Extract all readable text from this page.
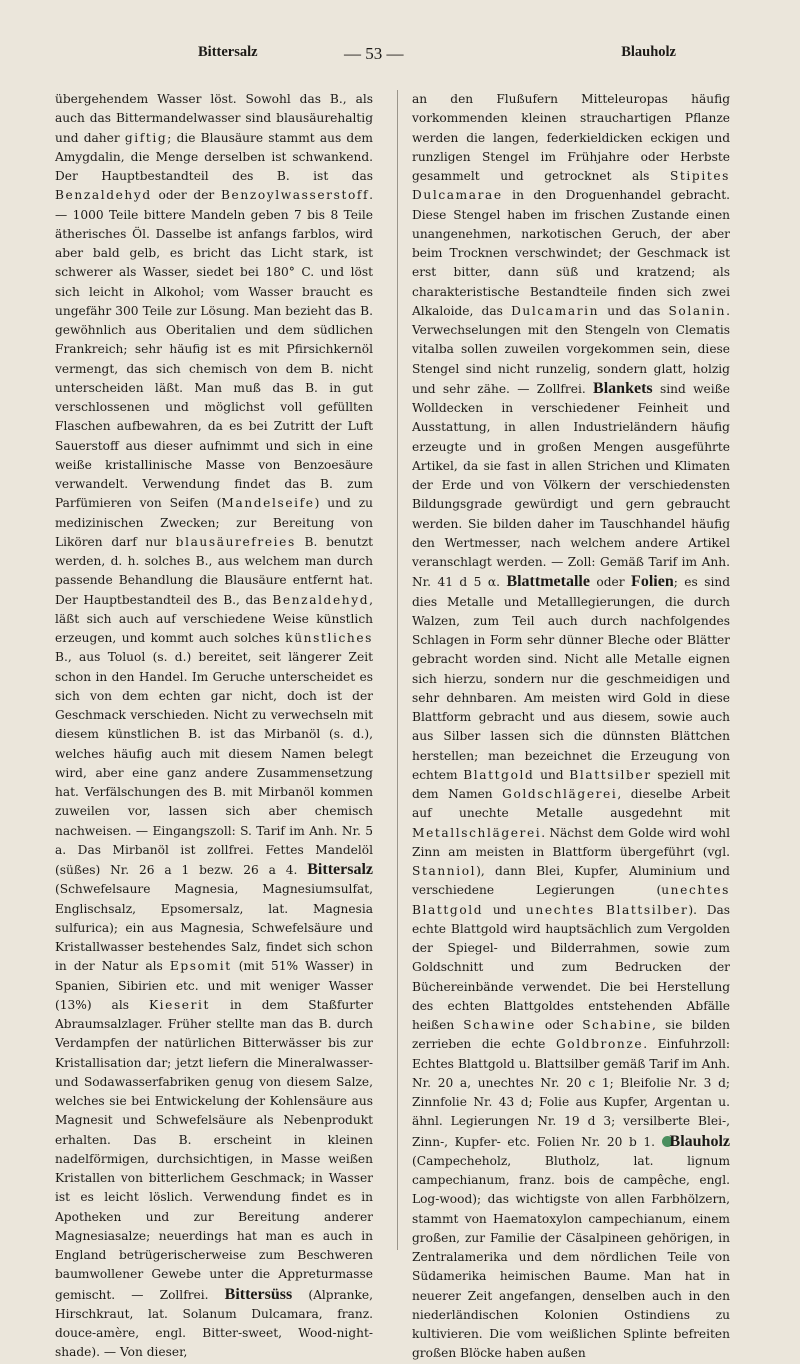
Bittersalz	— 53 —	Blauholz

übergehendem Wasser löst. Sowohl das B., als auch das Bittermandelwasser sind blausäurehaltig und daher giftig; die Blausäure stammt aus dem Amygdalin, die Menge derselben ist schwankend. Der Hauptbestandteil des B. ist das Benzaldehyd oder der Benzoylwasserstoff. — 1000 Teile bittere Mandeln geben 7 bis 8 Teile ätherisches Öl. Dasselbe ist anfangs farblos, wird aber bald gelb, es bricht das Licht stark, ist schwerer als Wasser, siedet bei 180° C. und löst sich leicht in Alkohol; vom Wasser braucht es ungefähr 300 Teile zur Lösung. Man bezieht das B. gewöhnlich aus Oberitalien und dem südlichen Frankreich; sehr häufig ist es mit Pfirsichkernöl vermengt, das sich chemisch von dem B. nicht unterscheiden läßt. Man muß das B. in gut verschlossenen und möglichst voll gefüllten Flaschen aufbewahren, da es bei Zutritt der Luft Sauerstoff aus dieser aufnimmt und sich in eine weiße kristallinische Masse von Benzoesäure verwandelt. Verwendung findet das B. zum Parfümieren von Seifen (Mandelseife) und zu medizinischen Zwecken; zur Bereitung von Likören darf nur blausäurefreies B. benutzt werden, d. h. solches B., aus welchem man durch passende Behandlung die Blausäure entfernt hat. Der Hauptbestandteil des B., das Benzaldehyd, läßt sich auch auf verschiedene Weise künstlich erzeugen, und kommt auch solches künstliches B., aus Toluol (s. d.) bereitet, seit längerer Zeit schon in den Handel. Im Geruche unterscheidet es sich von dem echten gar nicht, doch ist der Geschmack verschieden. Nicht zu verwechseln mit diesem künstlichen B. ist das Mirbanöl (s. d.), welches häufig auch mit diesem Namen belegt wird, aber eine ganz andere Zusammensetzung hat. Verfälschungen des B. mit Mirbanöl kommen zuweilen vor, lassen sich aber chemisch nachweisen. — Eingangszoll: S. Tarif im Anh. Nr. 5 a. Das Mirbanöl ist zollfrei. Fettes Mandelöl (süßes) Nr. 26 a 1 bezw. 26 a 4. Bittersalz (Schwefelsaure Magnesia, Magnesiumsulfat, Englischsalz, Epsomersalz, lat. Magnesia sulfurica); ein aus Magnesia, Schwefelsäure und Kristallwasser bestehendes Salz, findet sich schon in der Natur als Epsomit (mit 51% Wasser) in Spanien, Sibirien etc. und mit weniger Wasser (13%) als Kieserit in dem Staßfurter Abraumsalzlager. Früher stellte man das B. durch Verdampfen der natürlichen Bitterwässer bis zur Kristallisation dar; jetzt liefern die Mineralwasser- und Sodawasserfabriken genug von diesem Salze, welches sie bei Entwickelung der Kohlensäure aus Magnesit und Schwefelsäure als Nebenprodukt erhalten. Das B. erscheint in kleinen nadelförmigen, durchsichtigen, in Masse weißen Kristallen von bitterlichem Geschmack; in Wasser ist es leicht löslich. Verwendung findet es in Apotheken und zur Bereitung anderer Magnesiasalze; neuerdings hat man es auch in England betrügerischerweise zum Beschweren baumwollener Gewebe unter die Appreturmasse gemischt. — Zollfrei. Bittersüss (Alpranke, Hirschkraut, lat. Solanum Dulcamara, franz. douce-amère, engl. Bitter-sweet, Wood-night-shade). — Von dieser,

an den Flußufern Mitteleuropas häufig vorkommenden kleinen strauchartigen Pflanze werden die langen, federkieldicken eckigen und runzligen Stengel im Frühjahre oder Herbste gesammelt und getrocknet als Stipites Dulcamarae in den Droguenhandel gebracht. Diese Stengel haben im frischen Zustande einen unangenehmen, narkotischen Geruch, der aber beim Trocknen verschwindet; der Geschmack ist erst bitter, dann süß und kratzend; als charakteristische Bestandteile finden sich zwei Alkaloide, das Dulcamarin und das Solanin. Verwechselungen mit den Stengeln von Clematis vitalba sollen zuweilen vorgekommen sein, diese Stengel sind nicht runzelig, sondern glatt, holzig und sehr zähe. — Zollfrei. Blankets sind weiße Wolldecken in verschiedener Feinheit und Ausstattung, in allen Industrieländern häufig erzeugte und in großen Mengen ausgeführte Artikel, da sie fast in allen Strichen und Klimaten der Erde und von Völkern der verschiedensten Bildungsgrade gewürdigt und gern gebraucht werden. Sie bilden daher im Tauschhandel häufig den Wertmesser, nach welchem andere Artikel veranschlagt werden. — Zoll: Gemäß Tarif im Anh. Nr. 41 d 5 α. Blattmetalle oder Folien; es sind dies Metalle und Metalllegierungen, die durch Walzen, zum Teil auch durch nachfolgendes Schlagen in Form sehr dünner Bleche oder Blätter gebracht worden sind. Nicht alle Metalle eignen sich hierzu, sondern nur die geschmeidigen und sehr dehnbaren. Am meisten wird Gold in diese Blattform gebracht und aus diesem, sowie auch aus Silber lassen sich die dünnsten Blättchen herstellen; man bezeichnet die Erzeugung von echtem Blattgold und Blattsilber speziell mit dem Namen Goldschlägerei, dieselbe Arbeit auf unechte Metalle ausgedehnt mit Metallschlägerei. Nächst dem Golde wird wohl Zinn am meisten in Blattform übergeführt (vgl. Stanniol), dann Blei, Kupfer, Aluminium und verschiedene Legierungen (unechtes Blattgold und unechtes Blattsilber). Das echte Blattgold wird hauptsächlich zum Vergolden der Spiegel- und Bilderrahmen, sowie zum Goldschnitt und zum Bedrucken der Büchereinbände verwendet. Die bei Herstellung des echten Blattgoldes entstehenden Abfälle heißen Schawine oder Schabine, sie bilden zerrieben die echte Goldbronze. Einfuhrzoll: Echtes Blattgold u. Blattsilber gemäß Tarif im Anh. Nr. 20 a, unechtes Nr. 20 c 1; Bleifolie Nr. 3 d; Zinnfolie Nr. 43 d; Folie aus Kupfer, Argentan u. ähnl. Legierungen Nr. 19 d 3; versilberte Blei-, Zinn-, Kupfer- etc. Folien Nr. 20 b 1. Blauholz (Campecheholz, Blutholz, lat. lignum campechianum, franz. bois de campêche, engl. Log-wood); das wichtigste von allen Farbhölzern, stammt von Haematoxylon campechianum, einem großen, zur Familie der Cäsalpineen gehörigen, in Zentralamerika und dem nördlichen Teile von Südamerika heimischen Baume. Man hat in neuerer Zeit angefangen, denselben auch in den niederländischen Kolonien Ostindiens zu kultivieren. Die vom weißlichen Splinte befreiten großen Blöcke haben außen
